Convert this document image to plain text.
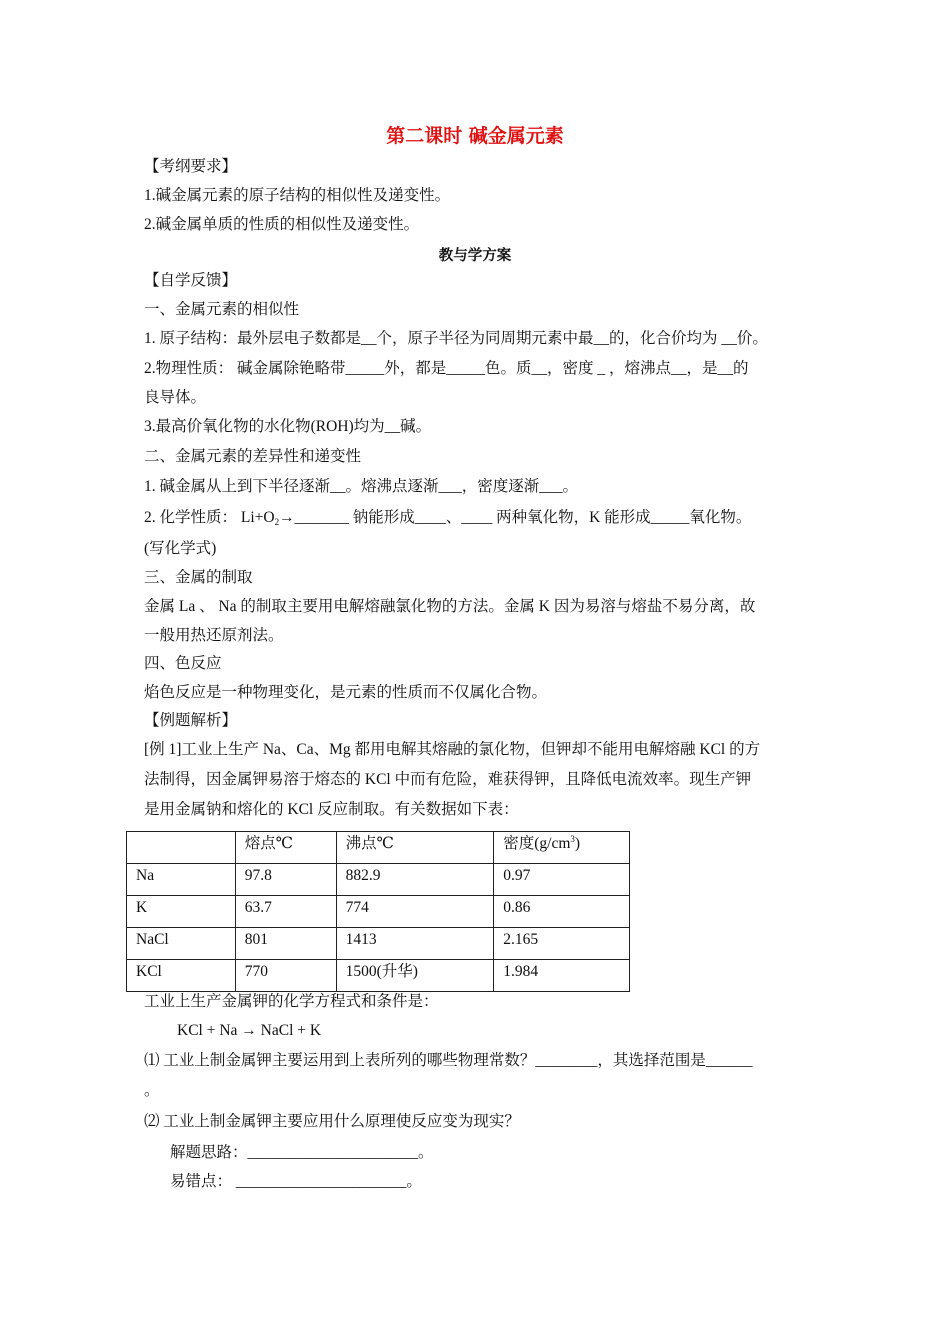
第二课时 碱金属元素
【考纲要求】
1.碱金属元素的原子结构的相似性及递变性。
2.碱金属单质的性质的相似性及递变性。
教与学方案
【自学反馈】
一、金属元素的相似性
1. 原子结构：最外层电子数都是__个，原子半径为同周期元素中最__的，化合价均为 __价。
2.物理性质： 碱金属除铯略带_____外，都是_____色。质__，密度 _ ，熔沸点__，是__的
良导体。
3.最高价氧化物的水化物(ROH)均为__碱。
二、金属元素的差异性和递变性
1. 碱金属从上到下半径逐渐__。熔沸点逐渐___，密度逐渐___。
2. 化学性质： $Li+O_2\to\_\_\_\_\_\_\_$ 钠能形成____、____ 两种氧化物，K 能形成_____氧化物。
(写化学式)
三、金属的制取
金属 La 、 Na 的制取主要用电解熔融氯化物的方法。金属 K 因为易溶与熔盐不易分离，故
一般用热还原剂法。
四、色反应
焰色反应是一种物理变化，是元素的性质而不仅属化合物。
【例题解析】
[例 1]工业上生产 Na、Ca、Mg 都用电解其熔融的氯化物，但钾却不能用电解熔融 KCl 的方
法制得，因金属钾易溶于熔态的 KCl 中而有危险，难获得钾，且降低电流效率。现生产钾
是用金属钠和熔化的 KCl 反应制取。有关数据如下表：
	熔点℃	沸点℃	密度$(g/cm^3)$
Na	97.8	882.9	0.97
K	63.7	774	0.86
NaCl	801	1413	2.165
KCl	770	1500(升华)	1.984
工业上生产金属钾的化学方程式和条件是：
KCl + Na → NaCl + K
⑴ 工业上制金属钾主要运用到上表所列的哪些物理常数？________，其选择范围是______
。
⑵ 工业上制金属钾主要应用什么原理使反应变为现实？
解题思路：______________________。
易错点： ______________________。
